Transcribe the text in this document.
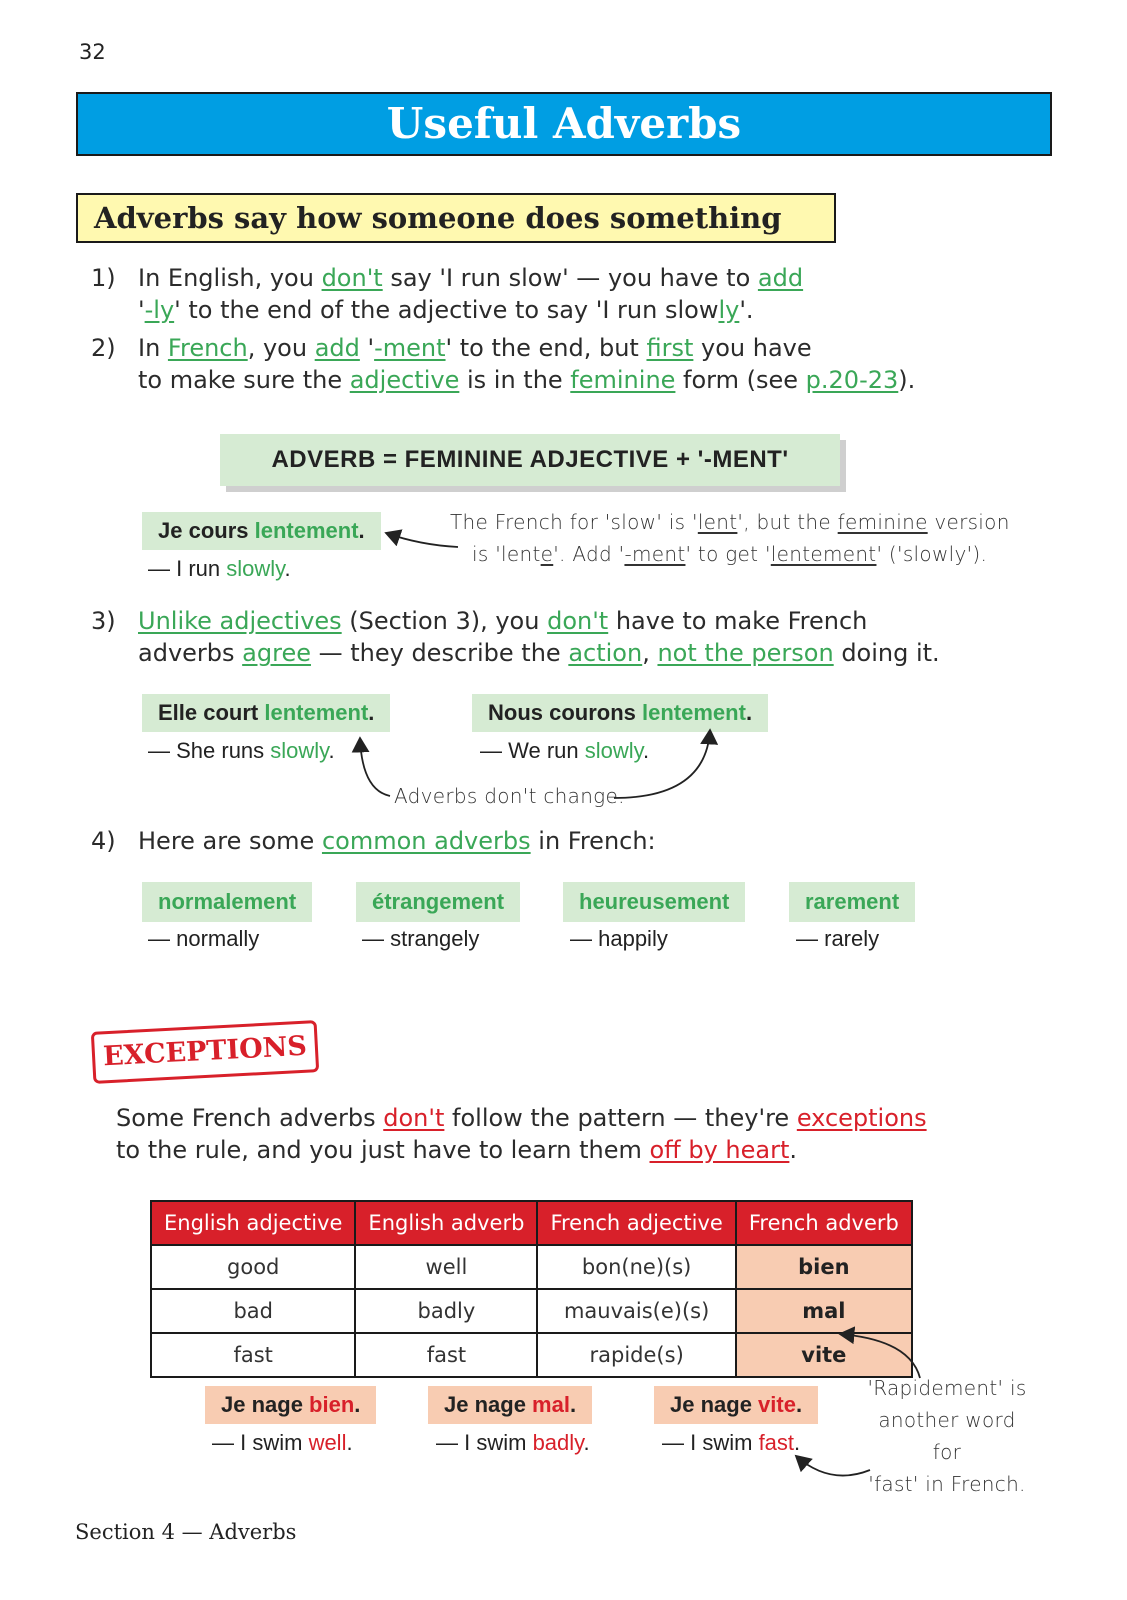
32
Useful Adverbs
Adverbs say how someone does something
1) In English, you don't say 'I run slow' — you have to add
'-ly' to the end of the adjective to say 'I run slowly'.
2) In French, you add '-ment' to the end, but first you have
to make sure the adjective is in the feminine form (see p.20-23).
ADVERB = FEMININE ADJECTIVE + '-MENT'
Je cours lentement.
— I run slowly.
The French for 'slow' is 'lent', but the feminine version
is 'lente'. Add '-ment' to get 'lentement' ('slowly').
3) Unlike adjectives (Section 3), you don't have to make French
adverbs agree — they describe the action, not the person doing it.
Elle court lentement.
— She runs slowly.
Nous courons lentement.
— We run slowly.
Adverbs don't change.
4) Here are some common adverbs in French:
normalement
— normally
étrangement
— strangely
heureusement
— happily
rarement
— rarely
EXCEPTIONS
Some French adverbs don't follow the pattern — they're exceptions
to the rule, and you just have to learn them off by heart.
English adjective	English adverb	French adjective	French adverb
good	well	bon(ne)(s)	bien
bad	badly	mauvais(e)(s)	mal
fast	fast	rapide(s)	vite
Je nage bien.
— I swim well.
Je nage mal.
— I swim badly.
Je nage vite.
— I swim fast.
'Rapidement' is
another word for
'fast' in French.
Section 4 — Adverbs
